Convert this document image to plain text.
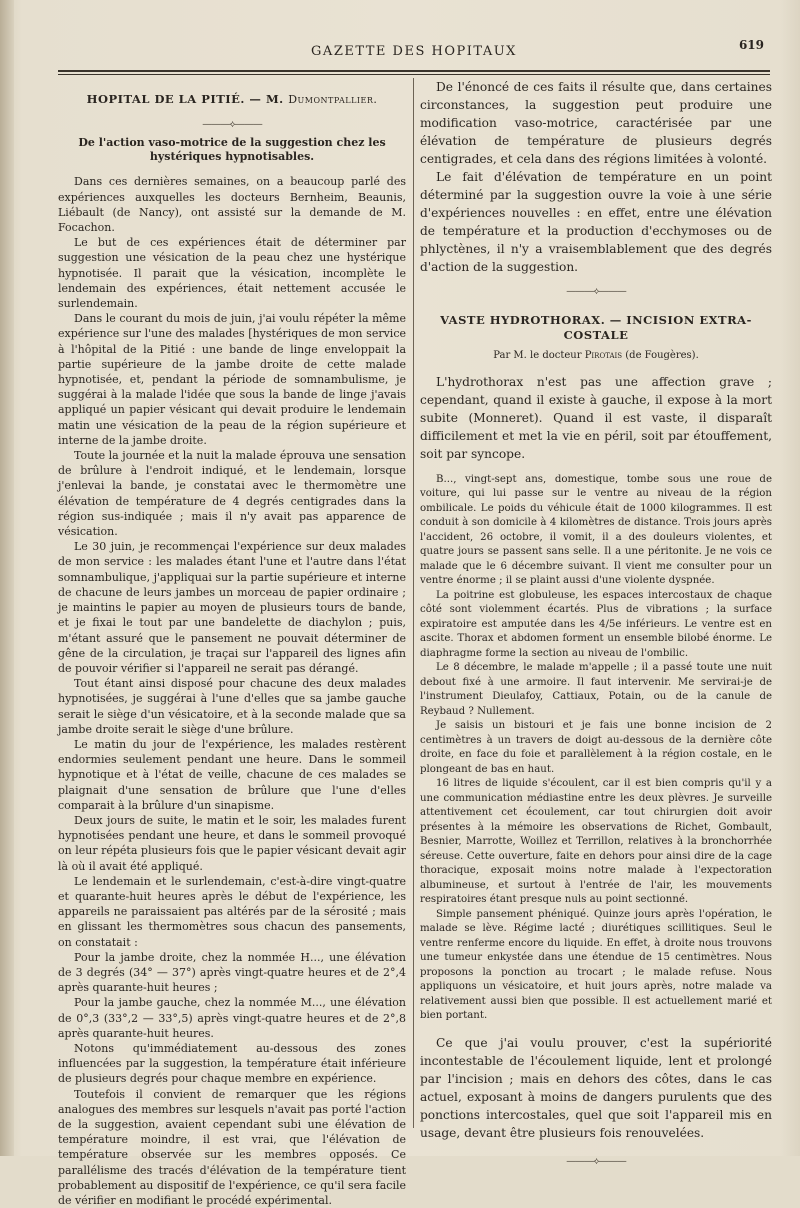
GAZETTE DES HOPITAUX	619
HOPITAL DE LA PITIÉ. — M. Dumontpallier.
———⟡———
De l'action vaso-motrice de la suggestion chez les hystériques hypnotisables.

Dans ces dernières semaines, on a beaucoup parlé des expériences auxquelles les docteurs Bernheim, Beaunis, Liébault (de Nancy), ont assisté sur la demande de M. Focachon.

Le but de ces expériences était de déterminer par suggestion une vésication de la peau chez une hystérique hypnotisée. Il parait que la vésication, incomplète le lendemain des expériences, était nettement accusée le surlendemain.

Dans le courant du mois de juin, j'ai voulu répéter la même expérience sur l'une des malades [hystériques de mon service à l'hôpital de la Pitié : une bande de linge enveloppait la partie supérieure de la jambe droite de cette malade hypnotisée, et, pendant la période de somnambulisme, je suggérai à la malade l'idée que sous la bande de linge j'avais appliqué un papier vésicant qui devait produire le lendemain matin une vésication de la peau de la région supérieure et interne de la jambe droite.

Toute la journée et la nuit la malade éprouva une sensation de brûlure à l'endroit indiqué, et le lendemain, lorsque j'enlevai la bande, je constatai avec le thermomètre une élévation de température de 4 degrés centigrades dans la région sus-indiquée ; mais il n'y avait pas apparence de vésication.

Le 30 juin, je recommençai l'expérience sur deux malades de mon service : les malades étant l'une et l'autre dans l'état somnambulique, j'appliquai sur la partie supérieure et interne de chacune de leurs jambes un morceau de papier ordinaire ; je maintins le papier au moyen de plusieurs tours de bande, et je fixai le tout par une bandelette de diachylon ; puis, m'étant assuré que le pansement ne pouvait déterminer de gêne de la circulation, je traçai sur l'appareil des lignes afin de pouvoir vérifier si l'appareil ne serait pas dérangé.

Tout étant ainsi disposé pour chacune des deux malades hypnotisées, je suggérai à l'une d'elles que sa jambe gauche serait le siège d'un vésicatoire, et à la seconde malade que sa jambe droite serait le siège d'une brûlure.

Le matin du jour de l'expérience, les malades restèrent endormies seulement pendant une heure. Dans le sommeil hypnotique et à l'état de veille, chacune de ces malades se plaignait d'une sensation de brûlure que l'une d'elles comparait à la brûlure d'un sinapisme.

Deux jours de suite, le matin et le soir, les malades furent hypnotisées pendant une heure, et dans le sommeil provoqué on leur répéta plusieurs fois que le papier vésicant devait agir là où il avait été appliqué.

Le lendemain et le surlendemain, c'est-à-dire vingt-quatre et quarante-huit heures après le début de l'expérience, les appareils ne paraissaient pas altérés par de la sérosité ; mais en glissant les thermomètres sous chacun des pansements, on constatait :

Pour la jambe droite, chez la nommée H..., une élévation de 3 degrés (34° — 37°) après vingt-quatre heures et de 2°,4 après quarante-huit heures ;

Pour la jambe gauche, chez la nommée M..., une élévation de 0°,3 (33°,2 — 33°,5) après vingt-quatre heures et de 2°,8 après quarante-huit heures.

Notons qu'immédiatement au-dessous des zones influencées par la suggestion, la température était inférieure de plusieurs degrés pour chaque membre en expérience.

Toutefois il convient de remarquer que les régions analogues des membres sur lesquels n'avait pas porté l'action de la suggestion, avaient cependant subi une élévation de température moindre, il est vrai, que l'élévation de température observée sur les membres opposés. Ce parallélisme des tracés d'élévation de la température tient probablement au dispositif de l'expérience, ce qu'il sera facile de vérifier en modifiant le procédé expérimental.

De l'énoncé de ces faits il résulte que, dans certaines circonstances, la suggestion peut produire une modification vaso-motrice, caractérisée par une élévation de température de plusieurs degrés centigrades, et cela dans des régions limitées à volonté.

Le fait d'élévation de température en un point déterminé par la suggestion ouvre la voie à une série d'expériences nouvelles : en effet, entre une élévation de température et la production d'ecchymoses ou de phlyctènes, il n'y a vraisemblablement que des degrés d'action de la suggestion.

———⟡———
VASTE HYDROTHORAX. — INCISION EXTRA-COSTALE
Par M. le docteur Pirotais (de Fougères).

L'hydrothorax n'est pas une affection grave ; cependant, quand il existe à gauche, il expose à la mort subite (Monneret). Quand il est vaste, il disparaît difficilement et met la vie en péril, soit par étouffement, soit par syncope.

B..., vingt-sept ans, domestique, tombe sous une roue de voiture, qui lui passe sur le ventre au niveau de la région ombilicale. Le poids du véhicule était de 1000 kilogrammes. Il est conduit à son domicile à 4 kilomètres de distance. Trois jours après l'accident, 26 octobre, il vomit, il a des douleurs violentes, et quatre jours se passent sans selle. Il a une péritonite. Je ne vois ce malade que le 6 décembre suivant. Il vient me consulter pour un ventre énorme ; il se plaint aussi d'une violente dyspnée.

La poitrine est globuleuse, les espaces intercostaux de chaque côté sont violemment écartés. Plus de vibrations ; la surface expiratoire est amputée dans les 4/5e inférieurs. Le ventre est en ascite. Thorax et abdomen forment un ensemble bilobé énorme. Le diaphragme forme la section au niveau de l'ombilic.

Le 8 décembre, le malade m'appelle ; il a passé toute une nuit debout fixé à une armoire. Il faut intervenir. Me servirai-je de l'instrument Dieulafoy, Cattiaux, Potain, ou de la canule de Reybaud ? Nullement.

Je saisis un bistouri et je fais une bonne incision de 2 centimètres à un travers de doigt au-dessous de la dernière côte droite, en face du foie et parallèlement à la région costale, en le plongeant de bas en haut.

16 litres de liquide s'écoulent, car il est bien compris qu'il y a une communication médiastine entre les deux plèvres. Je surveille attentivement cet écoulement, car tout chirurgien doit avoir présentes à la mémoire les observations de Richet, Gombault, Besnier, Marrotte, Woillez et Terrillon, relatives à la bronchorrhée séreuse. Cette ouverture, faite en dehors pour ainsi dire de la cage thoracique, exposait moins notre malade à l'expectoration albumineuse, et surtout à l'entrée de l'air, les mouvements respiratoires étant presque nuls au point sectionné.

Simple pansement phéniqué. Quinze jours après l'opération, le malade se lève. Régime lacté ; diurétiques scillitiques. Seul le ventre renferme encore du liquide. En effet, à droite nous trouvons une tumeur enkystée dans une étendue de 15 centimètres. Nous proposons la ponction au trocart ; le malade refuse. Nous appliquons un vésicatoire, et huit jours après, notre malade va relativement aussi bien que possible. Il est actuellement marié et bien portant.

Ce que j'ai voulu prouver, c'est la supériorité incontestable de l'écoulement liquide, lent et prolongé par l'incision ; mais en dehors des côtes, dans le cas actuel, exposant à moins de dangers purulents que des ponctions intercostales, quel que soit l'appareil mis en usage, devant être plusieurs fois renouvelées.

———⟡———
